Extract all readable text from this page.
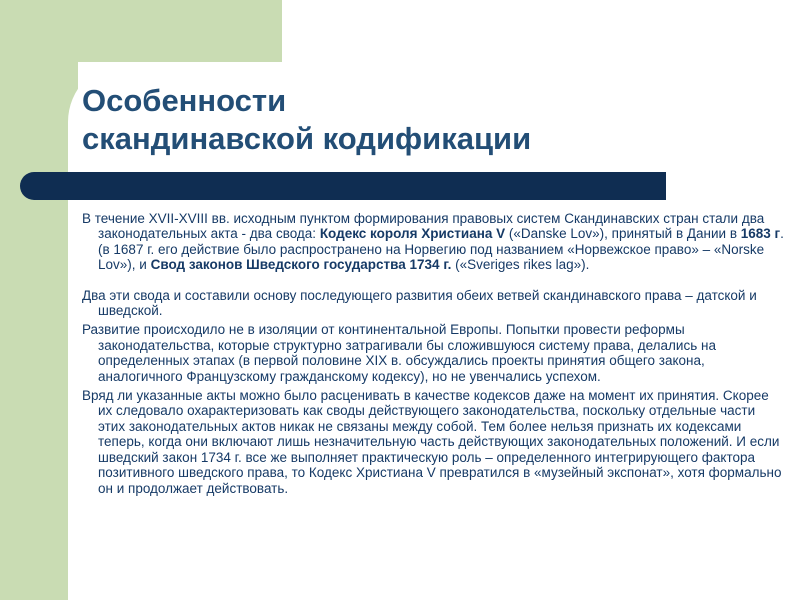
Особенности
скандинавской кодификации

В течение XVII-XVIII вв. исходным пунктом формирования правовых систем Скандинавских стран стали два законодательных акта - два свода: Кодекс короля Христиана V («Danske Lov»), принятый в Дании в 1683 г. (в 1687 г. его действие было распространено на Норвегию под названием «Норвежское право» – «Norske Lov»), и Свод законов Шведского государства 1734 г. («Sveriges rikes lag»).

Два эти свода и составили основу последующего развития обеих ветвей скандинавского права – датской и шведской.

Развитие происходило не в изоляции от континентальной Европы. Попытки провести реформы законодательства, которые структурно затрагивали бы сложившуюся систему права, делались на определенных этапах (в первой половине XIX в. обсуждались проекты принятия общего закона, аналогичного Французскому гражданскому кодексу), но не увенчались успехом.

Вряд ли указанные акты можно было расценивать в качестве кодексов даже на момент их принятия. Скорее их следовало охарактеризовать как своды действующего законодательства, поскольку отдельные части этих законодательных актов никак не связаны между собой. Тем более нельзя признать их кодексами теперь, когда они включают лишь незначительную часть действующих законодательных положений. И если шведский закон 1734 г. все же выполняет практическую роль – определенного интегрирующего фактора позитивного шведского права, то Кодекс Христиана V превратился в «музейный экспонат», хотя формально он и продолжает действовать.
